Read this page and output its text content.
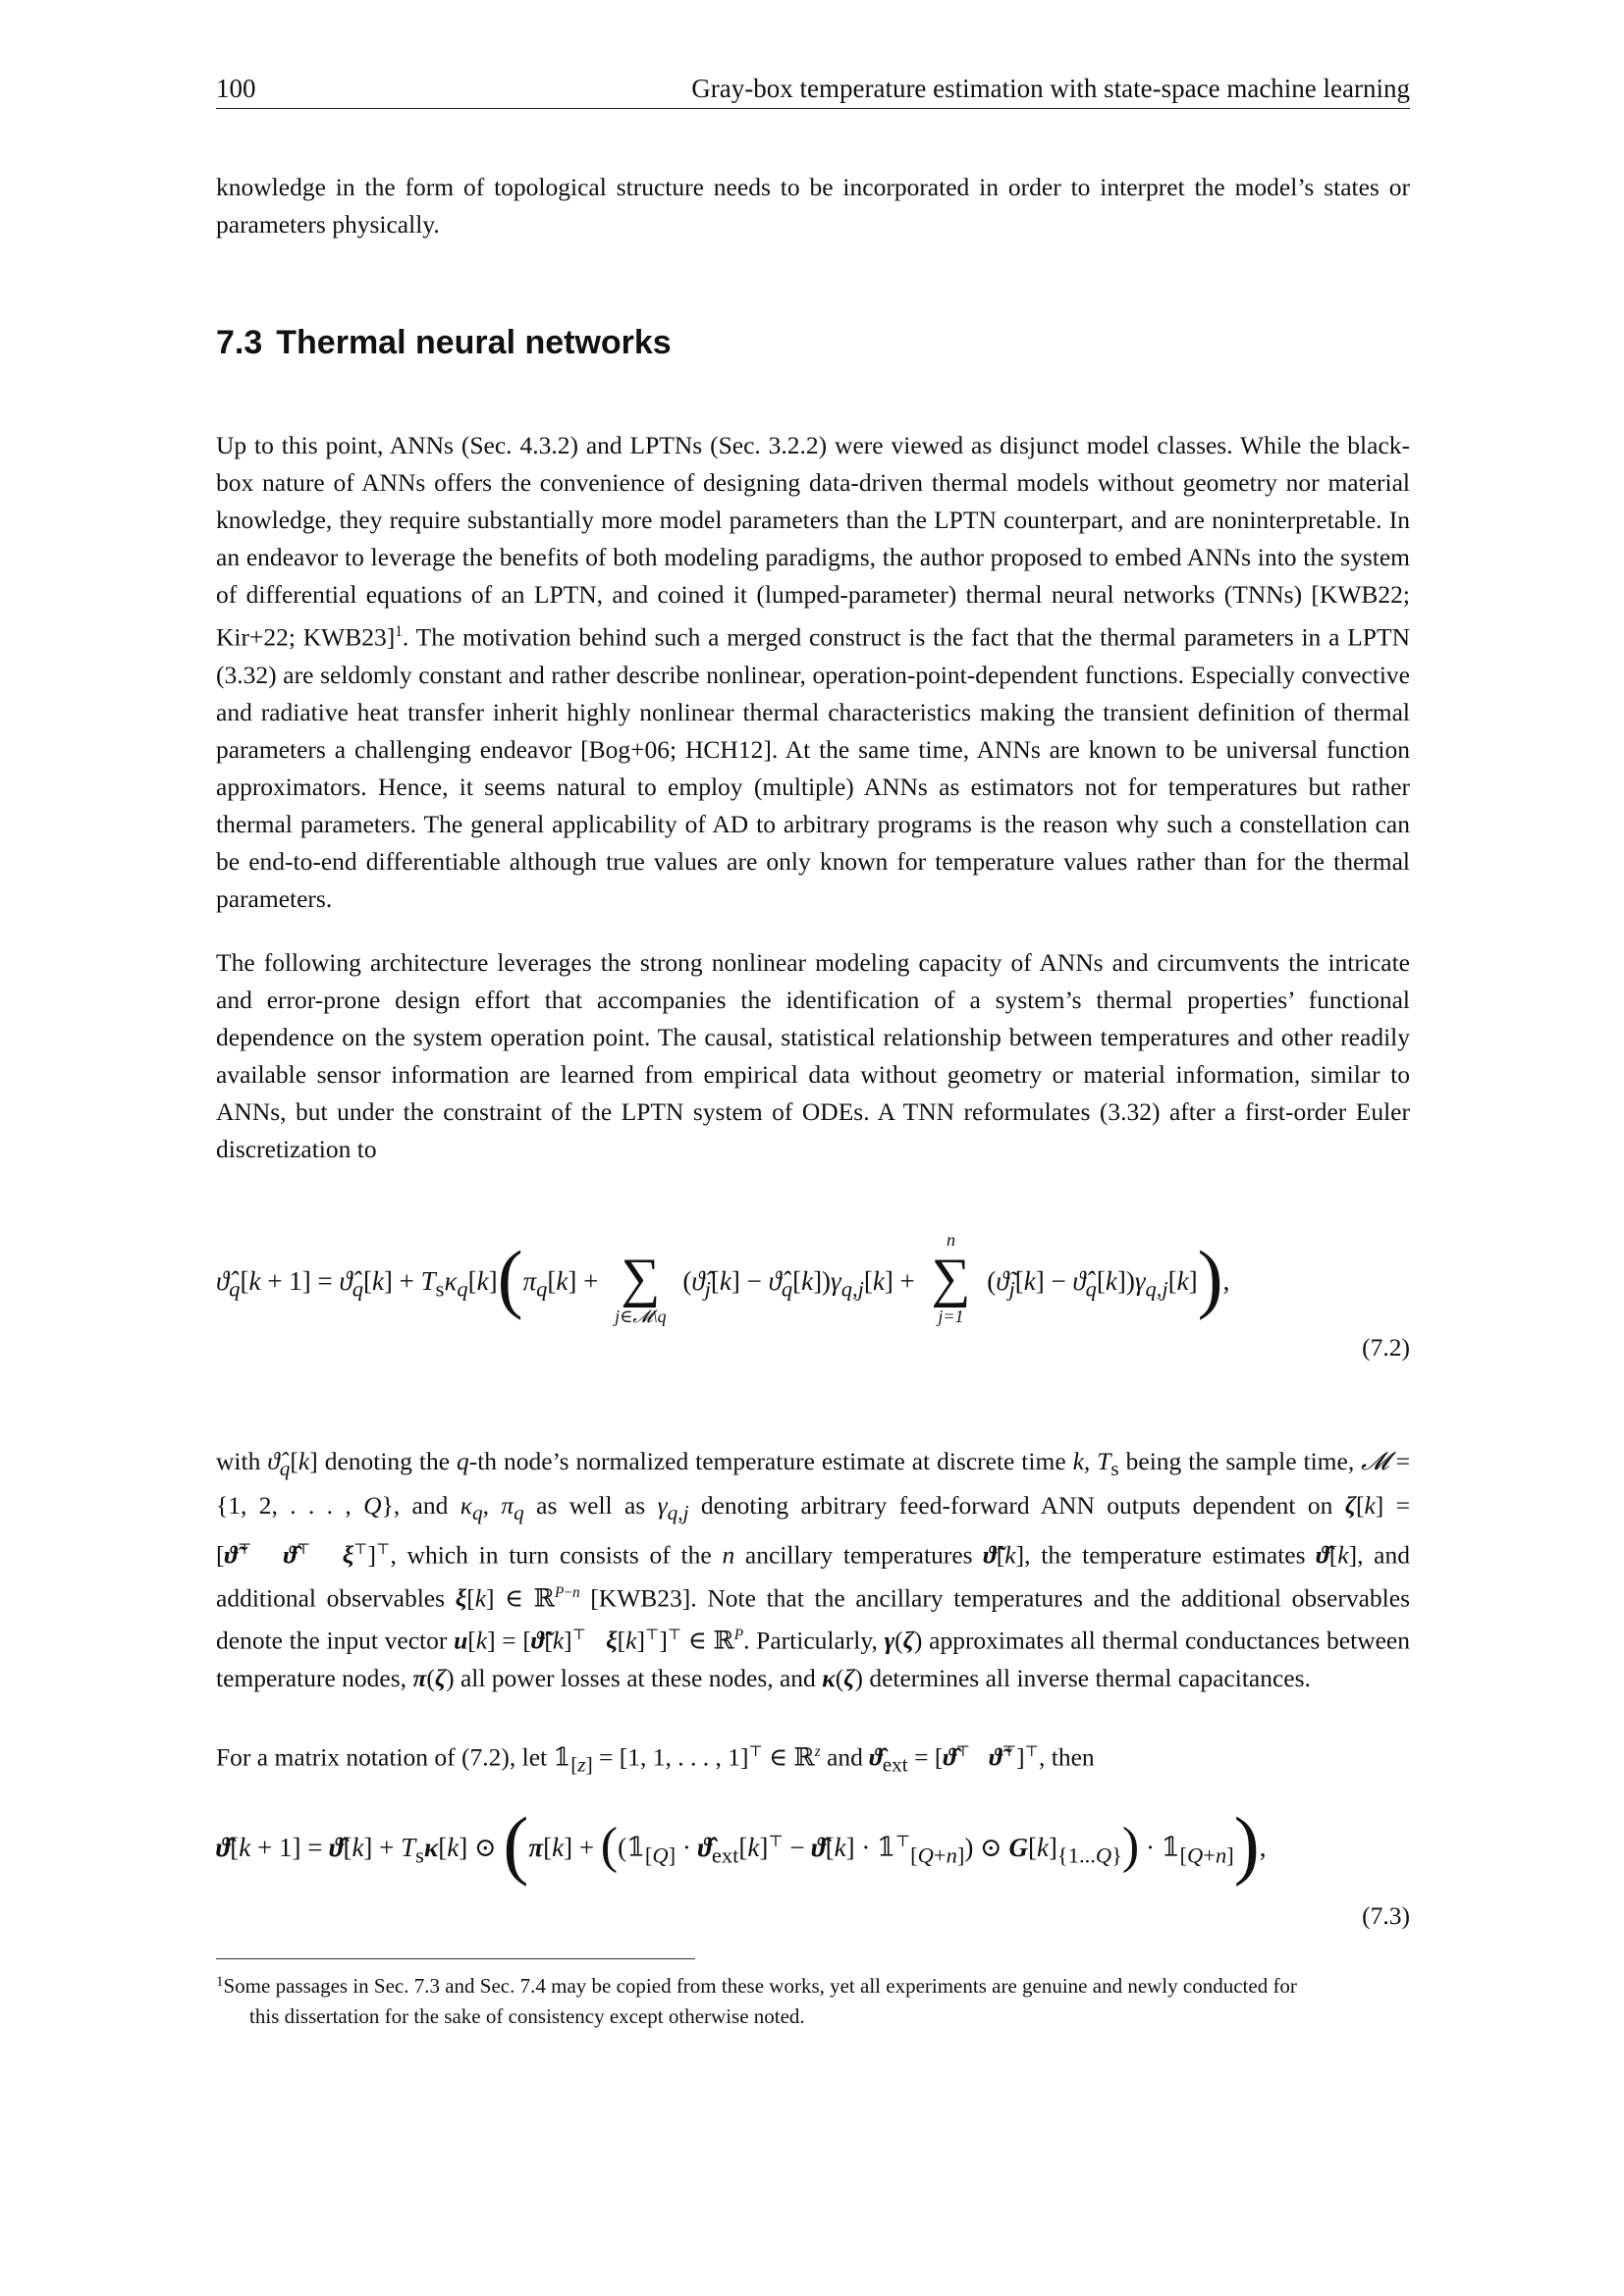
100	Gray-box temperature estimation with state-space machine learning

knowledge in the form of topological structure needs to be incorporated in order to interpret the model’s states or parameters physically.

7.3 Thermal neural networks

Up to this point, ANNs (Sec. 4.3.2) and LPTNs (Sec. 3.2.2) were viewed as disjunct model classes. While the black-box nature of ANNs offers the convenience of designing data-driven thermal models without geometry nor material knowledge, they require substantially more model parameters than the LPTN counterpart, and are noninterpretable. In an endeavor to leverage the benefits of both modeling paradigms, the author proposed to embed ANNs into the system of differential equations of an LPTN, and coined it (lumped-parameter) thermal neural networks (TNNs) [KWB22; Kir+22; KWB23]$^1$. The motivation behind such a merged construct is the fact that the thermal parameters in a LPTN (3.32) are seldomly constant and rather describe nonlinear, operation-point-dependent functions. Especially convective and radiative heat transfer inherit highly nonlinear thermal characteristics making the transient definition of thermal parameters a challenging endeavor [Bog+06; HCH12]. At the same time, ANNs are known to be universal function approximators. Hence, it seems natural to employ (multiple) ANNs as estimators not for temperatures but rather thermal parameters. The general applicability of AD to arbitrary programs is the reason why such a constellation can be end-to-end differentiable although true values are only known for temperature values rather than for the thermal parameters.

The following architecture leverages the strong nonlinear modeling capacity of ANNs and circumvents the intricate and error-prone design effort that accompanies the identification of a system’s thermal properties’ functional dependence on the system operation point. The causal, statistical relationship between temperatures and other readily available sensor information are learned from empirical data without geometry or material information, similar to ANNs, but under the constraint of the LPTN system of ODEs. A TNN reformulates (3.32) after a first-order Euler discretization to

$ϑ̂_q[k + 1]$ = $ϑ̂_q[k] + T_s\kappa_q[k](\pi_q[k]$ +
∑
j∈𝓜\q
($ϑ̂_j[k]$ − $ϑ̂_q[k])\gamma_{q,j}[k]$ +
n
∑
j=1
($ϑ̃_j[k]$ − $ϑ̂_q[k])\gamma_{q,j}[k]$),
(7.2)

with $ϑ̂_q[k]$ denoting the q-th node’s normalized temperature estimate at discrete time k, $T_s$ being the sample time, 𝓜 = {1, 2, . . . , Q}, and $\kappa_q$, $\pi_q$ as well as $\gamma_{q,j}$ denoting arbitrary feed-forward ANN outputs dependent on ζ[k] = [ϑ̃⊤ ϑ̂⊤ ξ⊤]⊤, which in turn consists of the n ancillary temperatures ϑ̃[k], the temperature estimates ϑ̂[k], and additional observables ξ[k] ∈ ℝ$^{P-n}$ [KWB23]. Note that the ancillary temperatures and the additional observables denote the input vector u[k] = [ϑ̃[k]⊤ ξ[k]⊤]⊤ ∈ ℝ$^P$. Particularly, γ(ζ) approximates all thermal conductances between temperature nodes, π(ζ) all power losses at these nodes, and κ(ζ) determines all inverse thermal capacitances.

For a matrix notation of (7.2), let $𝟙_{[z]} = [1$, 1, . . . , 1]⊤ ∈ ℝ$^z$ and $ϑ̂_{ext}$ = [ϑ̂⊤ ϑ̃⊤]⊤, then

ϑ̂[k + 1] = ϑ̂[k] + $T_s\kappa[k]$ ⊙ ($\pi[k] + ((𝟙_{[Q]}$ · $ϑ̂_{ext}[k]^⊤$ − ϑ̂[k] · $𝟙^⊤_{[Q+n]}$) ⊙ $G[k]_{\{1...Q\}}$) · $𝟙_{[Q+n]}$),
(7.3)
$^1$Some passages in Sec. 7.3 and Sec. 7.4 may be copied from these works, yet all experiments are genuine and newly conducted for
this dissertation for the sake of consistency except otherwise noted.
